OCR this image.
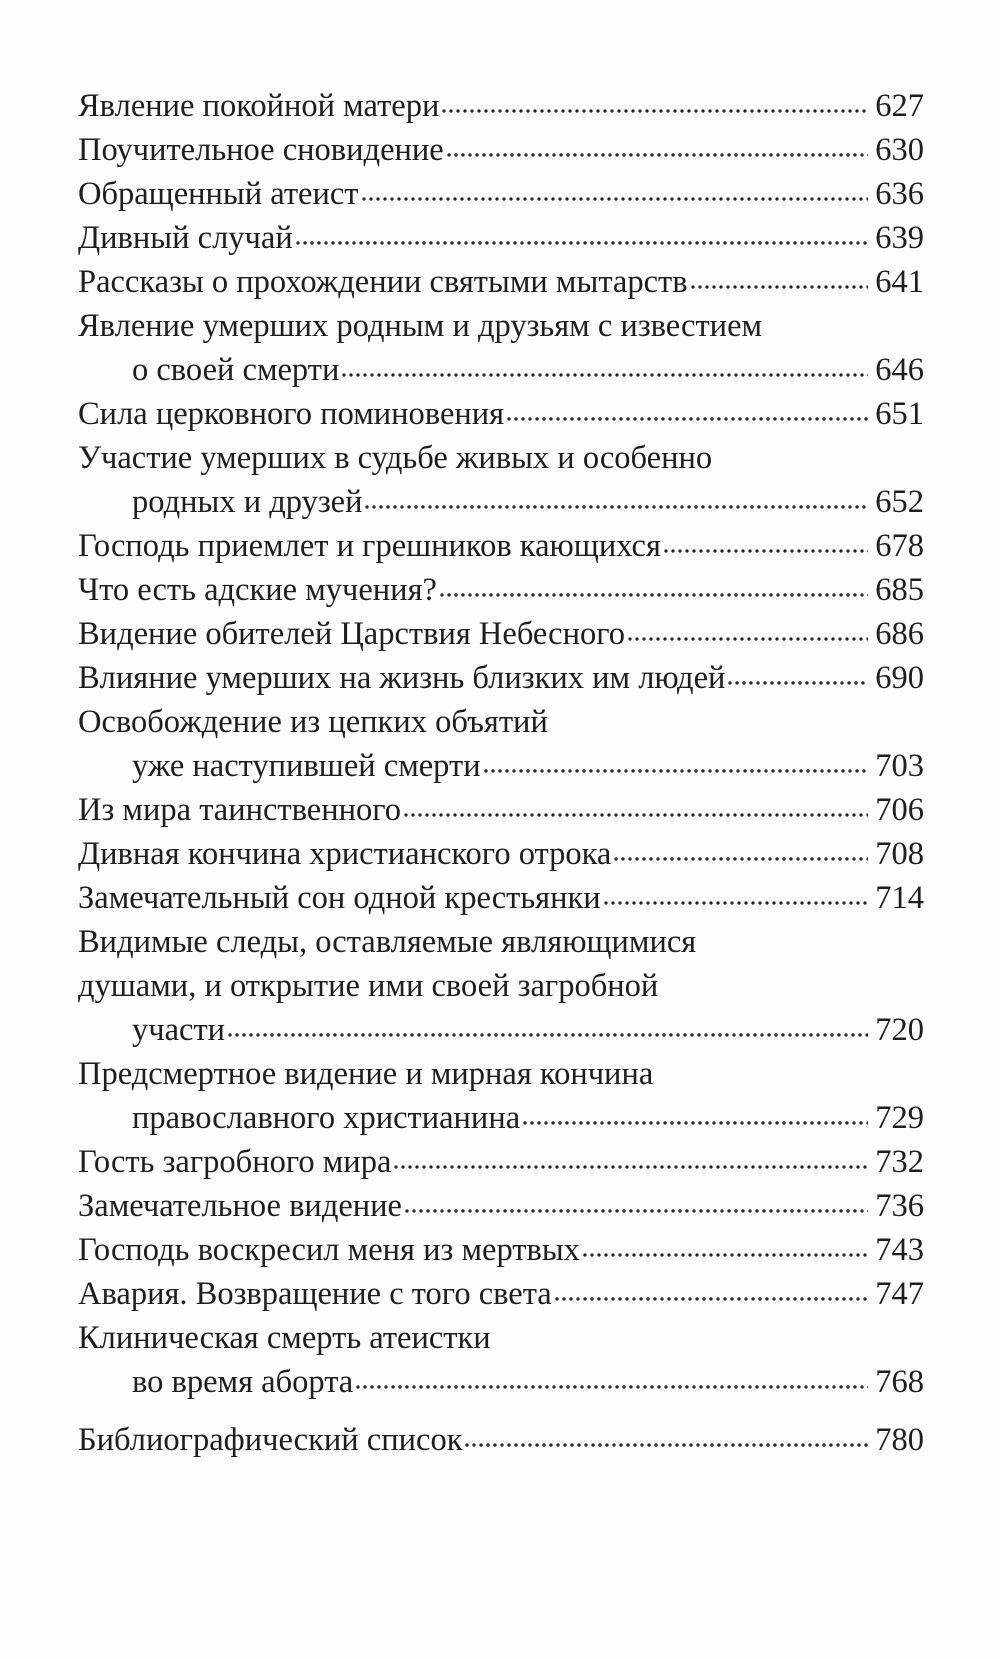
Явление покойной матери	627
Поучительное сновидение	630
Обращенный атеист	636
Дивный случай	639
Рассказы о прохождении святыми мытарств	641
Явление умерших родным и друзьям с известием
о своей смерти	646
Сила церковного поминовения	651
Участие умерших в судьбе живых и особенно
родных и друзей	652
Господь приемлет и грешников кающихся	678
Что есть адские мучения?	685
Видение обителей Царствия Небесного	686
Влияние умерших на жизнь близких им людей	690
Освобождение из цепких объятий
уже наступившей смерти	703
Из мира таинственного	706
Дивная кончина христианского отрока	708
Замечательный сон одной крестьянки	714
Видимые следы, оставляемые являющимися
душами, и открытие ими своей загробной
участи	720
Предсмертное видение и мирная кончина
православного христианина	729
Гость загробного мира	732
Замечательное видение	736
Господь воскресил меня из мертвых	743
Авария. Возвращение с того света	747
Клиническая смерть атеистки
во время аборта	768
Библиографический список	780
